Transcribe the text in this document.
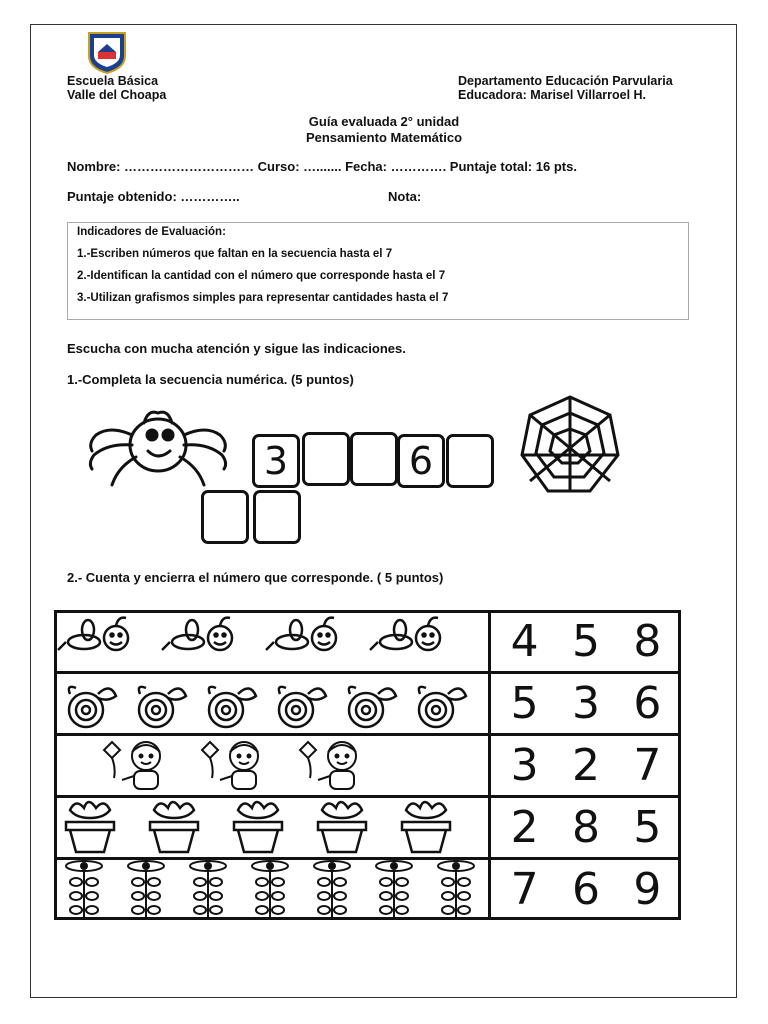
Escuela Básica
Valle del Choapa
Departamento Educación Parvularia
Educadora: Marisel Villarroel H.
Guía evaluada 2° unidad
Pensamiento Matemático
Nombre: ………………………… Curso: …....... Fecha: …………. Puntaje total: 16 pts.
Puntaje obtenido: …………..	Nota:
Indicadores de Evaluación:
1.-Escriben números que faltan en la secuencia hasta el 7
2.-Identifican la cantidad con el número que corresponde hasta el 7
3.-Utilizan grafismos simples para representar cantidades hasta el 7
Escucha con mucha atención y sigue las indicaciones.
1.-Completa la secuencia numérica. (5 puntos)
3	6
2.- Cuenta y encierra el número que corresponde. ( 5 puntos)
4 5 8
5 3 6
3 2 7
2 8 5
7 6 9
